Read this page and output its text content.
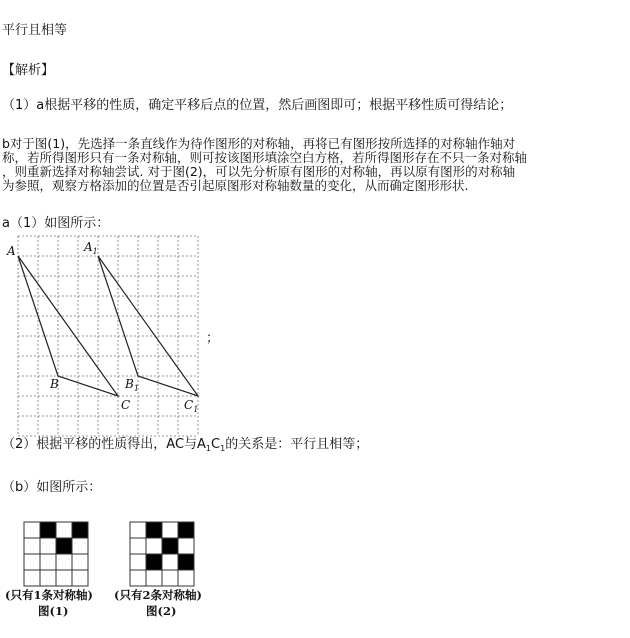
平行且相等
【解析】
（1）a根据平移的性质，确定平移后点的位置，然后画图即可；根据平移性质可得结论；
b对于图(1)，先选择一条直线作为待作图形的对称轴，再将已有图形按所选择的对称轴作轴对
称，若所得图形只有一条对称轴，则可按该图形填涂空白方格，若所得图形存在不只一条对称轴
，则重新选择对称轴尝试. 对于图(2)，可以先分析原有图形的对称轴，再以原有图形的对称轴
为参照，观察方格添加的位置是否引起原图形对称轴数量的变化，从而确定图形形状.
a（1）如图所示：
A	$A_1$
B	$B_1$
C	$C_1$
；
（2）根据平移的性质得出，AC与$A_1C_1$的关系是：平行且相等；
（b）如图所示：
(只有1条对称轴)
图(1)
(只有2条对称轴)
图(2)
